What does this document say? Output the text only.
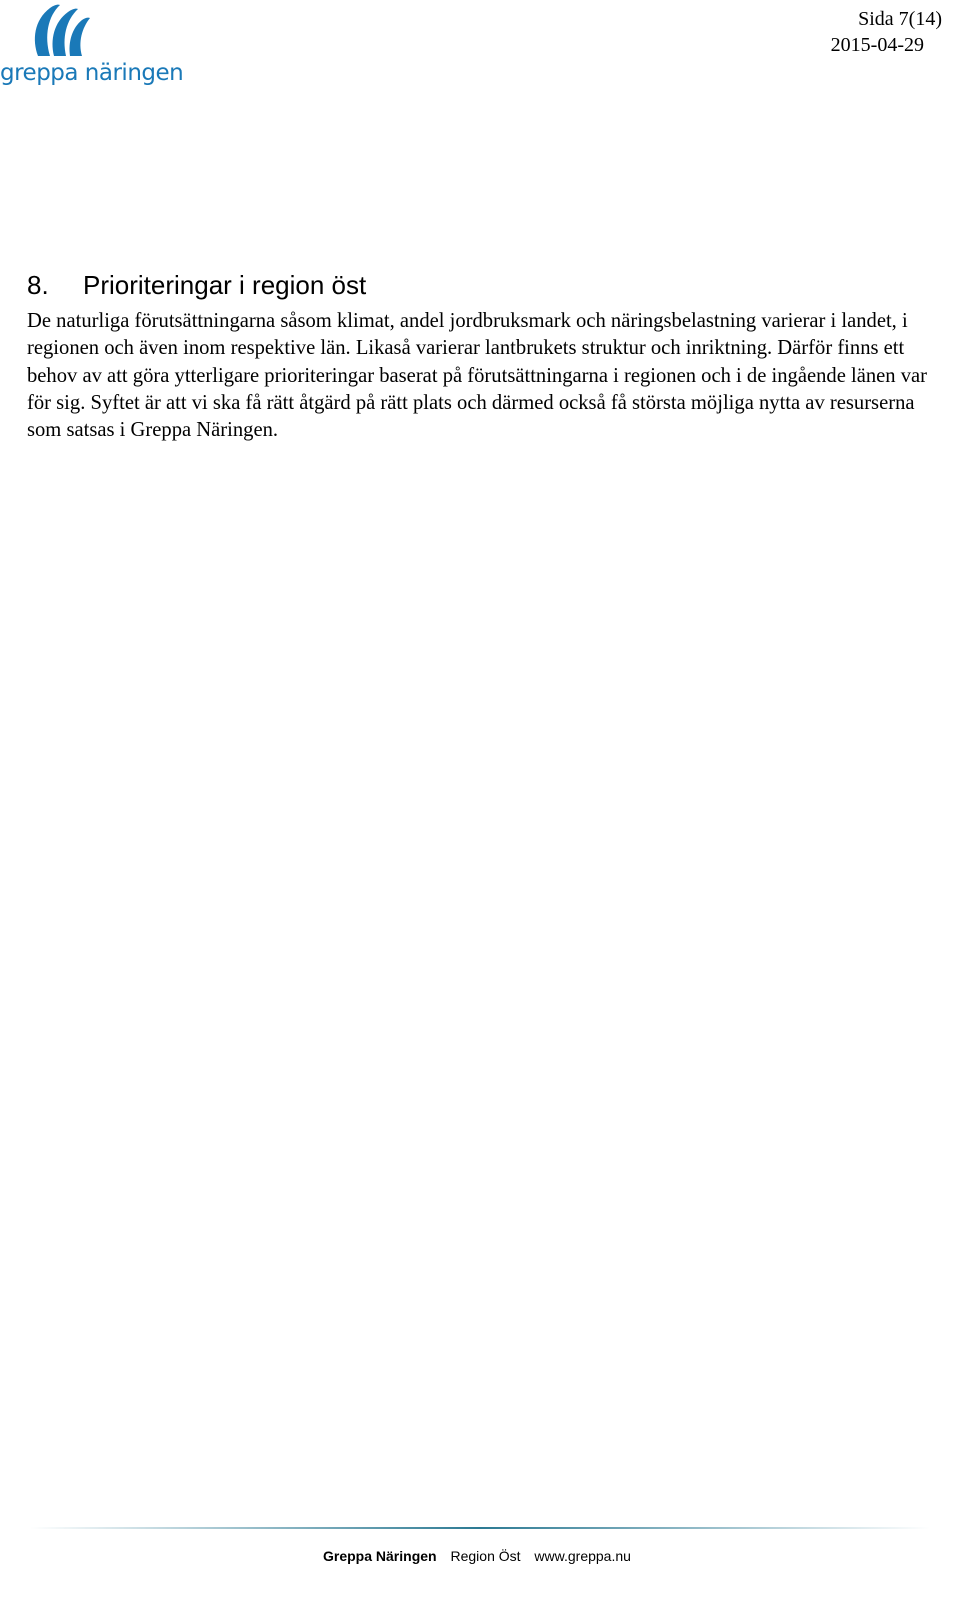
greppa näringen
Sida 7(14)
2015-04-29
8.	Prioriteringar i region öst

De naturliga förutsättningarna såsom klimat, andel jordbruksmark och näringsbelastning varierar i landet, i regionen och även inom respektive län. Likaså varierar lantbrukets struktur och inriktning. Därför finns ett behov av att göra ytterligare prioriteringar baserat på förutsättningarna i regionen och i de ingående länen var för sig. Syftet är att vi ska få rätt åtgärd på rätt plats och därmed också få största möjliga nytta av resurserna som satsas i Greppa Näringen.

Greppa Näringen Region Öst www.greppa.nu
